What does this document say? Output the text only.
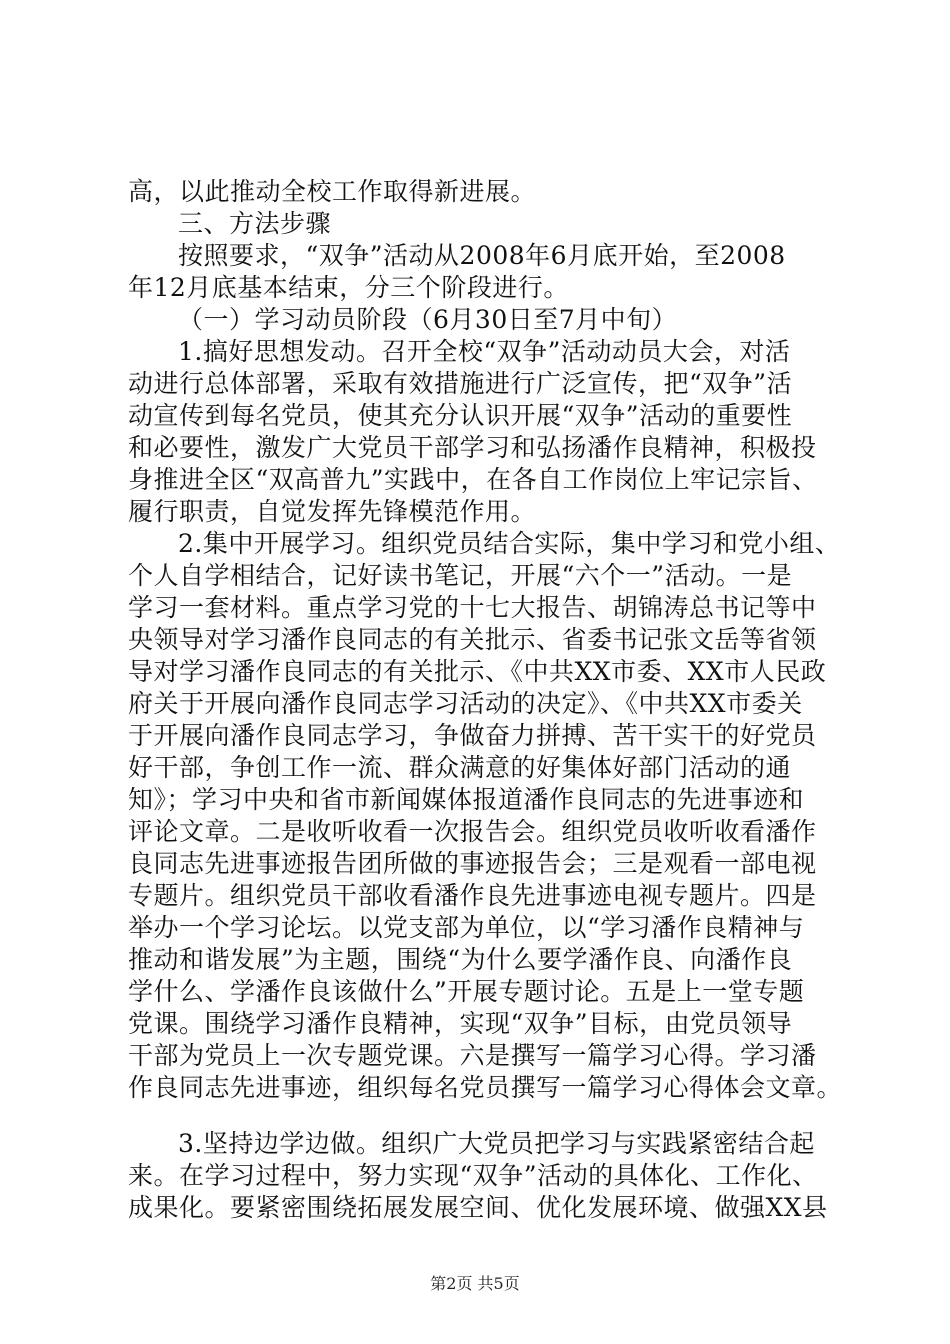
高，以此推动全校工作取得新进展。
三、方法步骤
按照要求，“双争”活动从2008年6月底开始，至2008
年12月底基本结束，分三个阶段进行。
（一）学习动员阶段（6月30日至7月中旬）
1.搞好思想发动。召开全校“双争”活动动员大会，对活
动进行总体部署，采取有效措施进行广泛宣传，把“双争”活
动宣传到每名党员，使其充分认识开展“双争”活动的重要性
和必要性，激发广大党员干部学习和弘扬潘作良精神，积极投
身推进全区“双高普九”实践中，在各自工作岗位上牢记宗旨、
履行职责，自觉发挥先锋模范作用。
2.集中开展学习。组织党员结合实际，集中学习和党小组、
个人自学相结合，记好读书笔记，开展“六个一”活动。一是
学习一套材料。重点学习党的十七大报告、胡锦涛总书记等中
央领导对学习潘作良同志的有关批示、省委书记张文岳等省领
导对学习潘作良同志的有关批示、《中共XX市委、XX市人民政
府关于开展向潘作良同志学习活动的决定》、《中共XX市委关
于开展向潘作良同志学习，争做奋力拼搏、苦干实干的好党员
好干部，争创工作一流、群众满意的好集体好部门活动的通
知》；学习中央和省市新闻媒体报道潘作良同志的先进事迹和
评论文章。二是收听收看一次报告会。组织党员收听收看潘作
良同志先进事迹报告团所做的事迹报告会；三是观看一部电视
专题片。组织党员干部收看潘作良先进事迹电视专题片。四是
举办一个学习论坛。以党支部为单位，以“学习潘作良精神与
推动和谐发展”为主题，围绕“为什么要学潘作良、向潘作良
学什么、学潘作良该做什么”开展专题讨论。五是上一堂专题
党课。围绕学习潘作良精神，实现“双争”目标，由党员领导
干部为党员上一次专题党课。六是撰写一篇学习心得。学习潘
作良同志先进事迹，组织每名党员撰写一篇学习心得体会文章。
3.坚持边学边做。组织广大党员把学习与实践紧密结合起
来。在学习过程中，努力实现“双争”活动的具体化、工作化、
成果化。要紧密围绕拓展发展空间、优化发展环境、做强XX县
第2页 共5页
